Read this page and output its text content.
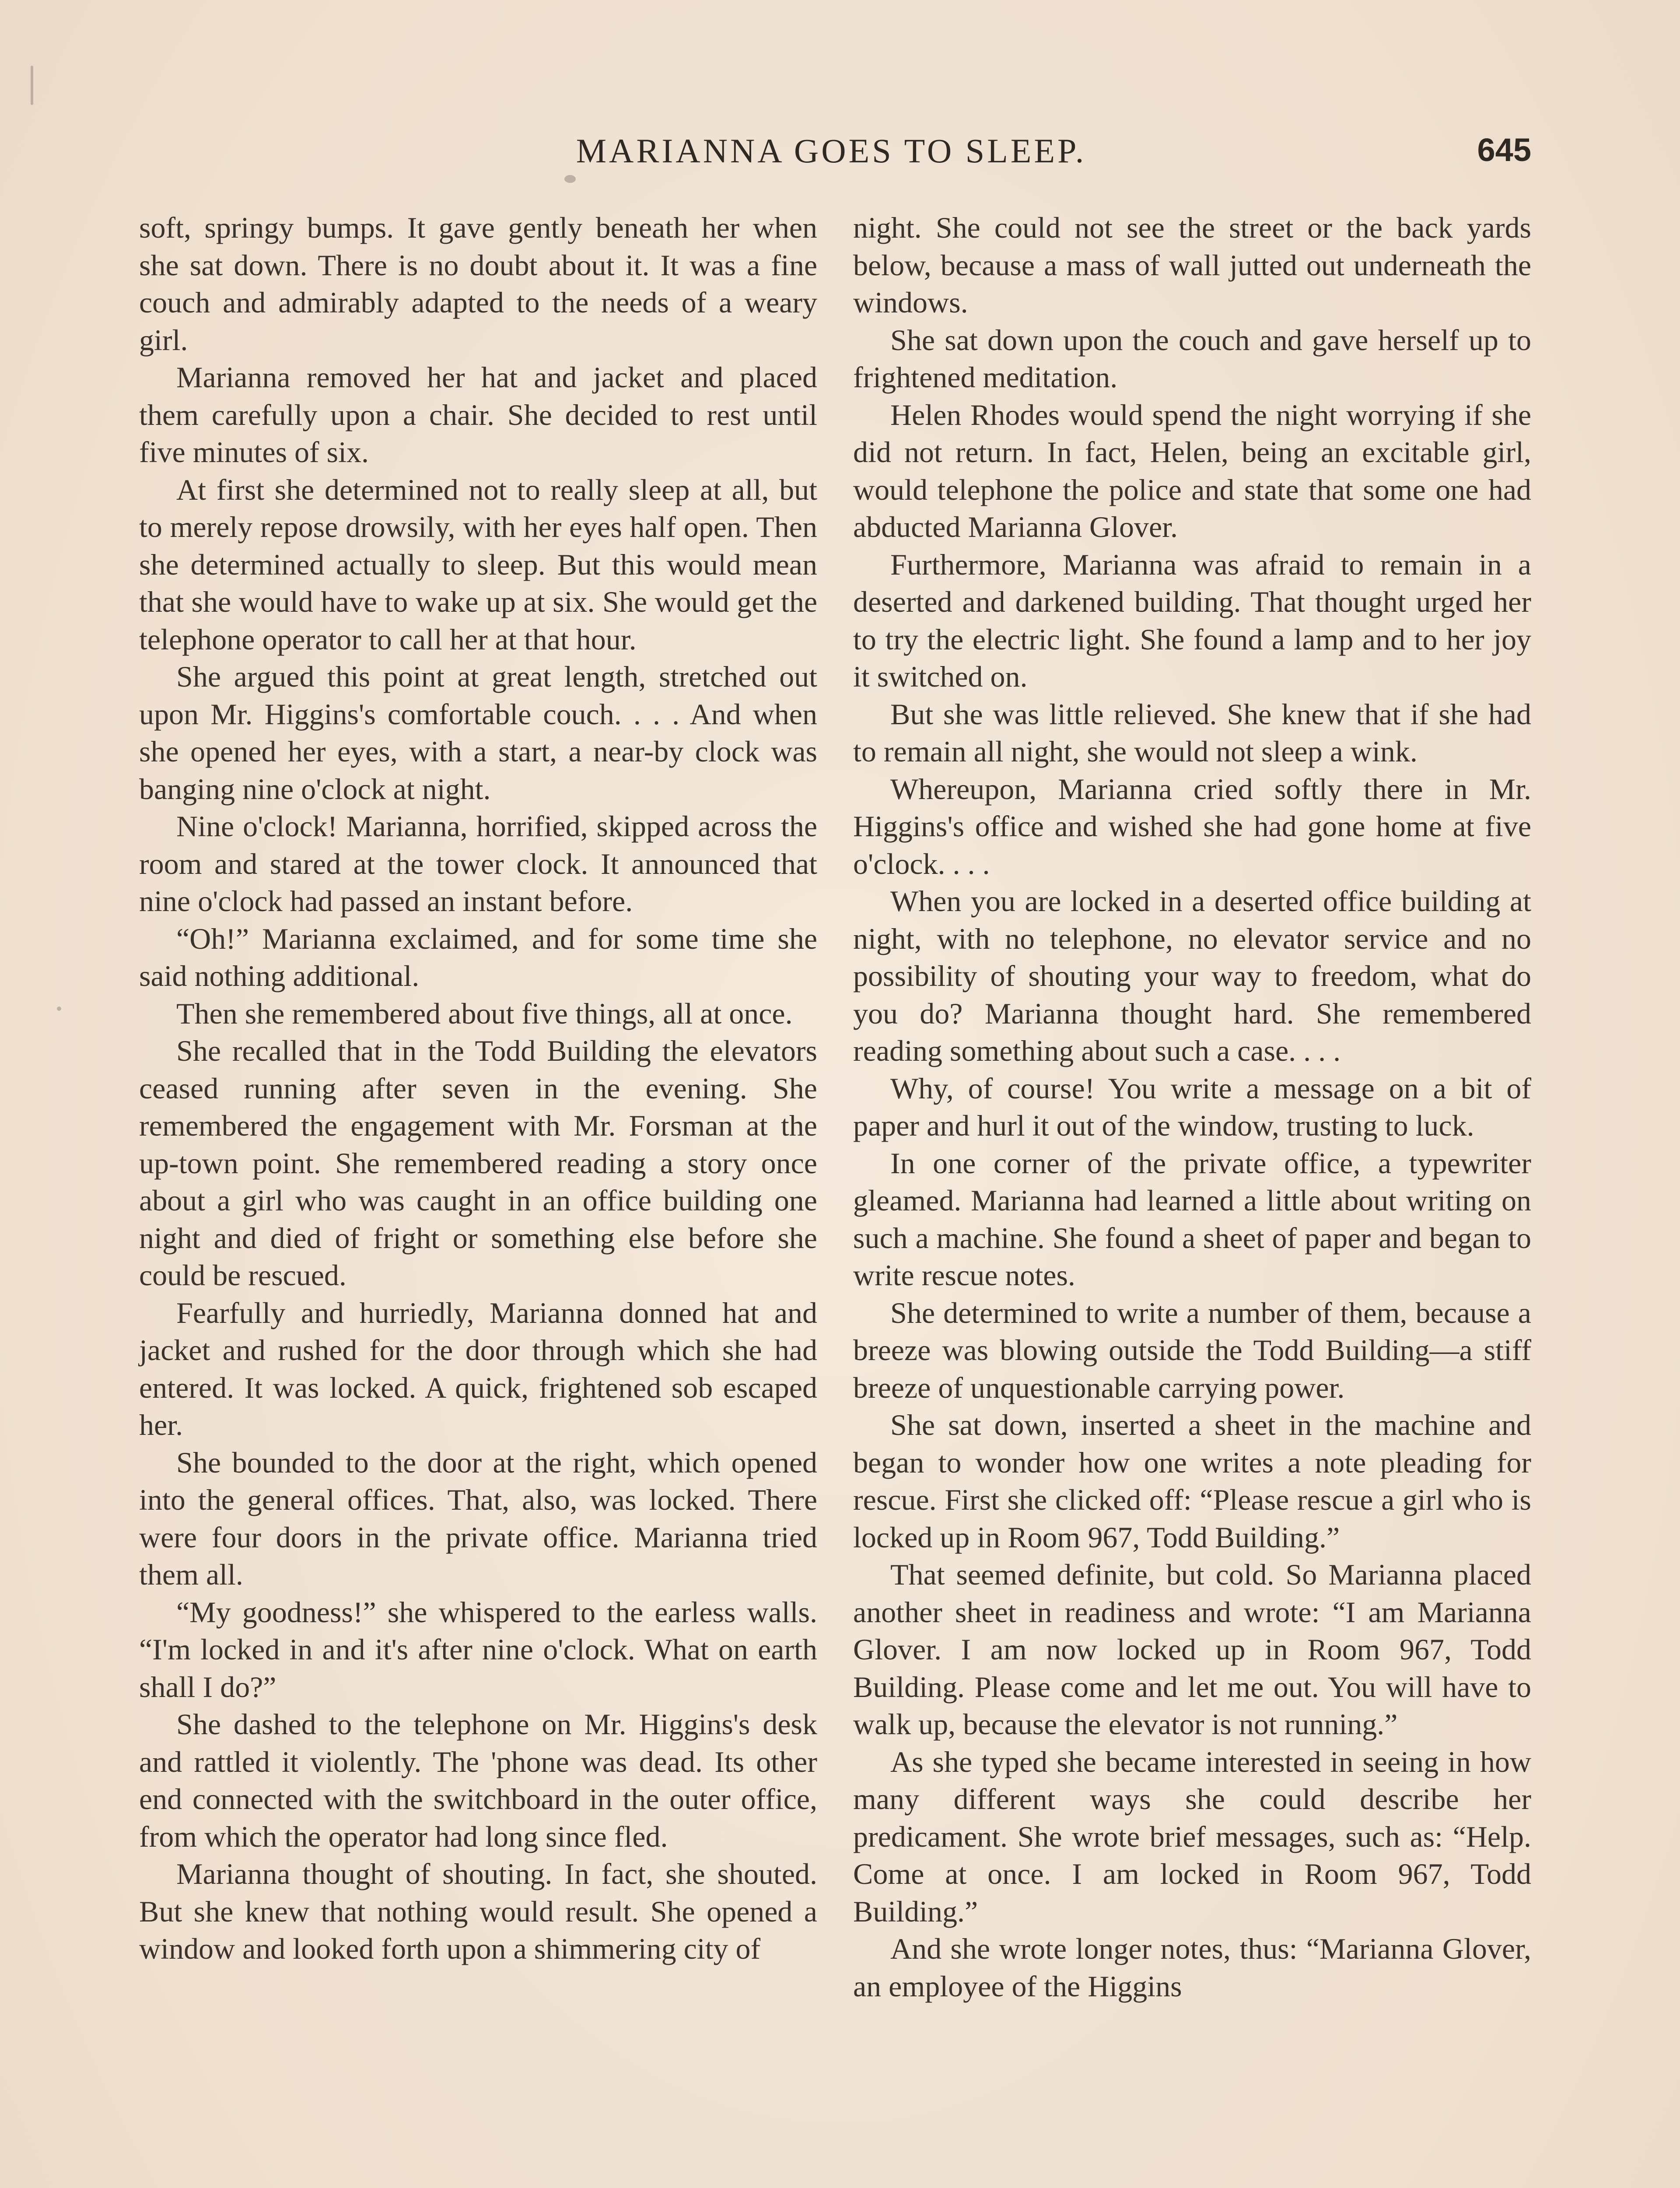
MARIANNA GOES TO SLEEP.	645

soft, springy bumps. It gave gently beneath her when she sat down. There is no doubt about it. It was a fine couch and admirably adapted to the needs of a weary girl.

Marianna removed her hat and jacket and placed them carefully upon a chair. She decided to rest until five minutes of six.

At first she determined not to really sleep at all, but to merely repose drowsily, with her eyes half open. Then she determined actually to sleep. But this would mean that she would have to wake up at six. She would get the telephone operator to call her at that hour.

She argued this point at great length, stretched out upon Mr. Higgins's comfortable couch. . . . And when she opened her eyes, with a start, a near-by clock was banging nine o'clock at night.

Nine o'clock! Marianna, horrified, skipped across the room and stared at the tower clock. It announced that nine o'clock had passed an instant before.

“Oh!” Marianna exclaimed, and for some time she said nothing additional.

Then she remembered about five things, all at once.

She recalled that in the Todd Building the elevators ceased running after seven in the evening. She remembered the engagement with Mr. Forsman at the up-town point. She remembered reading a story once about a girl who was caught in an office building one night and died of fright or something else before she could be rescued.

Fearfully and hurriedly, Marianna donned hat and jacket and rushed for the door through which she had entered. It was locked. A quick, frightened sob escaped her.

She bounded to the door at the right, which opened into the general offices. That, also, was locked. There were four doors in the private office. Marianna tried them all.

“My goodness!” she whispered to the earless walls. “I'm locked in and it's after nine o'clock. What on earth shall I do?”

She dashed to the telephone on Mr. Higgins's desk and rattled it violently. The 'phone was dead. Its other end connected with the switchboard in the outer office, from which the operator had long since fled.

Marianna thought of shouting. In fact, she shouted. But she knew that nothing would result. She opened a window and looked forth upon a shimmering city of

night. She could not see the street or the back yards below, because a mass of wall jutted out underneath the windows.

She sat down upon the couch and gave herself up to frightened meditation.

Helen Rhodes would spend the night worrying if she did not return. In fact, Helen, being an excitable girl, would telephone the police and state that some one had abducted Marianna Glover.

Furthermore, Marianna was afraid to remain in a deserted and darkened building. That thought urged her to try the electric light. She found a lamp and to her joy it switched on.

But she was little relieved. She knew that if she had to remain all night, she would not sleep a wink.

Whereupon, Marianna cried softly there in Mr. Higgins's office and wished she had gone home at five o'clock. . . .

When you are locked in a deserted office building at night, with no telephone, no elevator service and no possibility of shouting your way to freedom, what do you do? Marianna thought hard. She remembered reading something about such a case. . . .

Why, of course! You write a message on a bit of paper and hurl it out of the window, trusting to luck.

In one corner of the private office, a typewriter gleamed. Marianna had learned a little about writing on such a machine. She found a sheet of paper and began to write rescue notes.

She determined to write a number of them, because a breeze was blowing outside the Todd Building—a stiff breeze of unquestionable carrying power.

She sat down, inserted a sheet in the machine and began to wonder how one writes a note pleading for rescue. First she clicked off: “Please rescue a girl who is locked up in Room 967, Todd Building.”

That seemed definite, but cold. So Marianna placed another sheet in readiness and wrote: “I am Marianna Glover. I am now locked up in Room 967, Todd Building. Please come and let me out. You will have to walk up, because the elevator is not running.”

As she typed she became interested in seeing in how many different ways she could describe her predicament. She wrote brief messages, such as: “Help. Come at once. I am locked in Room 967, Todd Building.”

And she wrote longer notes, thus: “Marianna Glover, an employee of the Higgins
